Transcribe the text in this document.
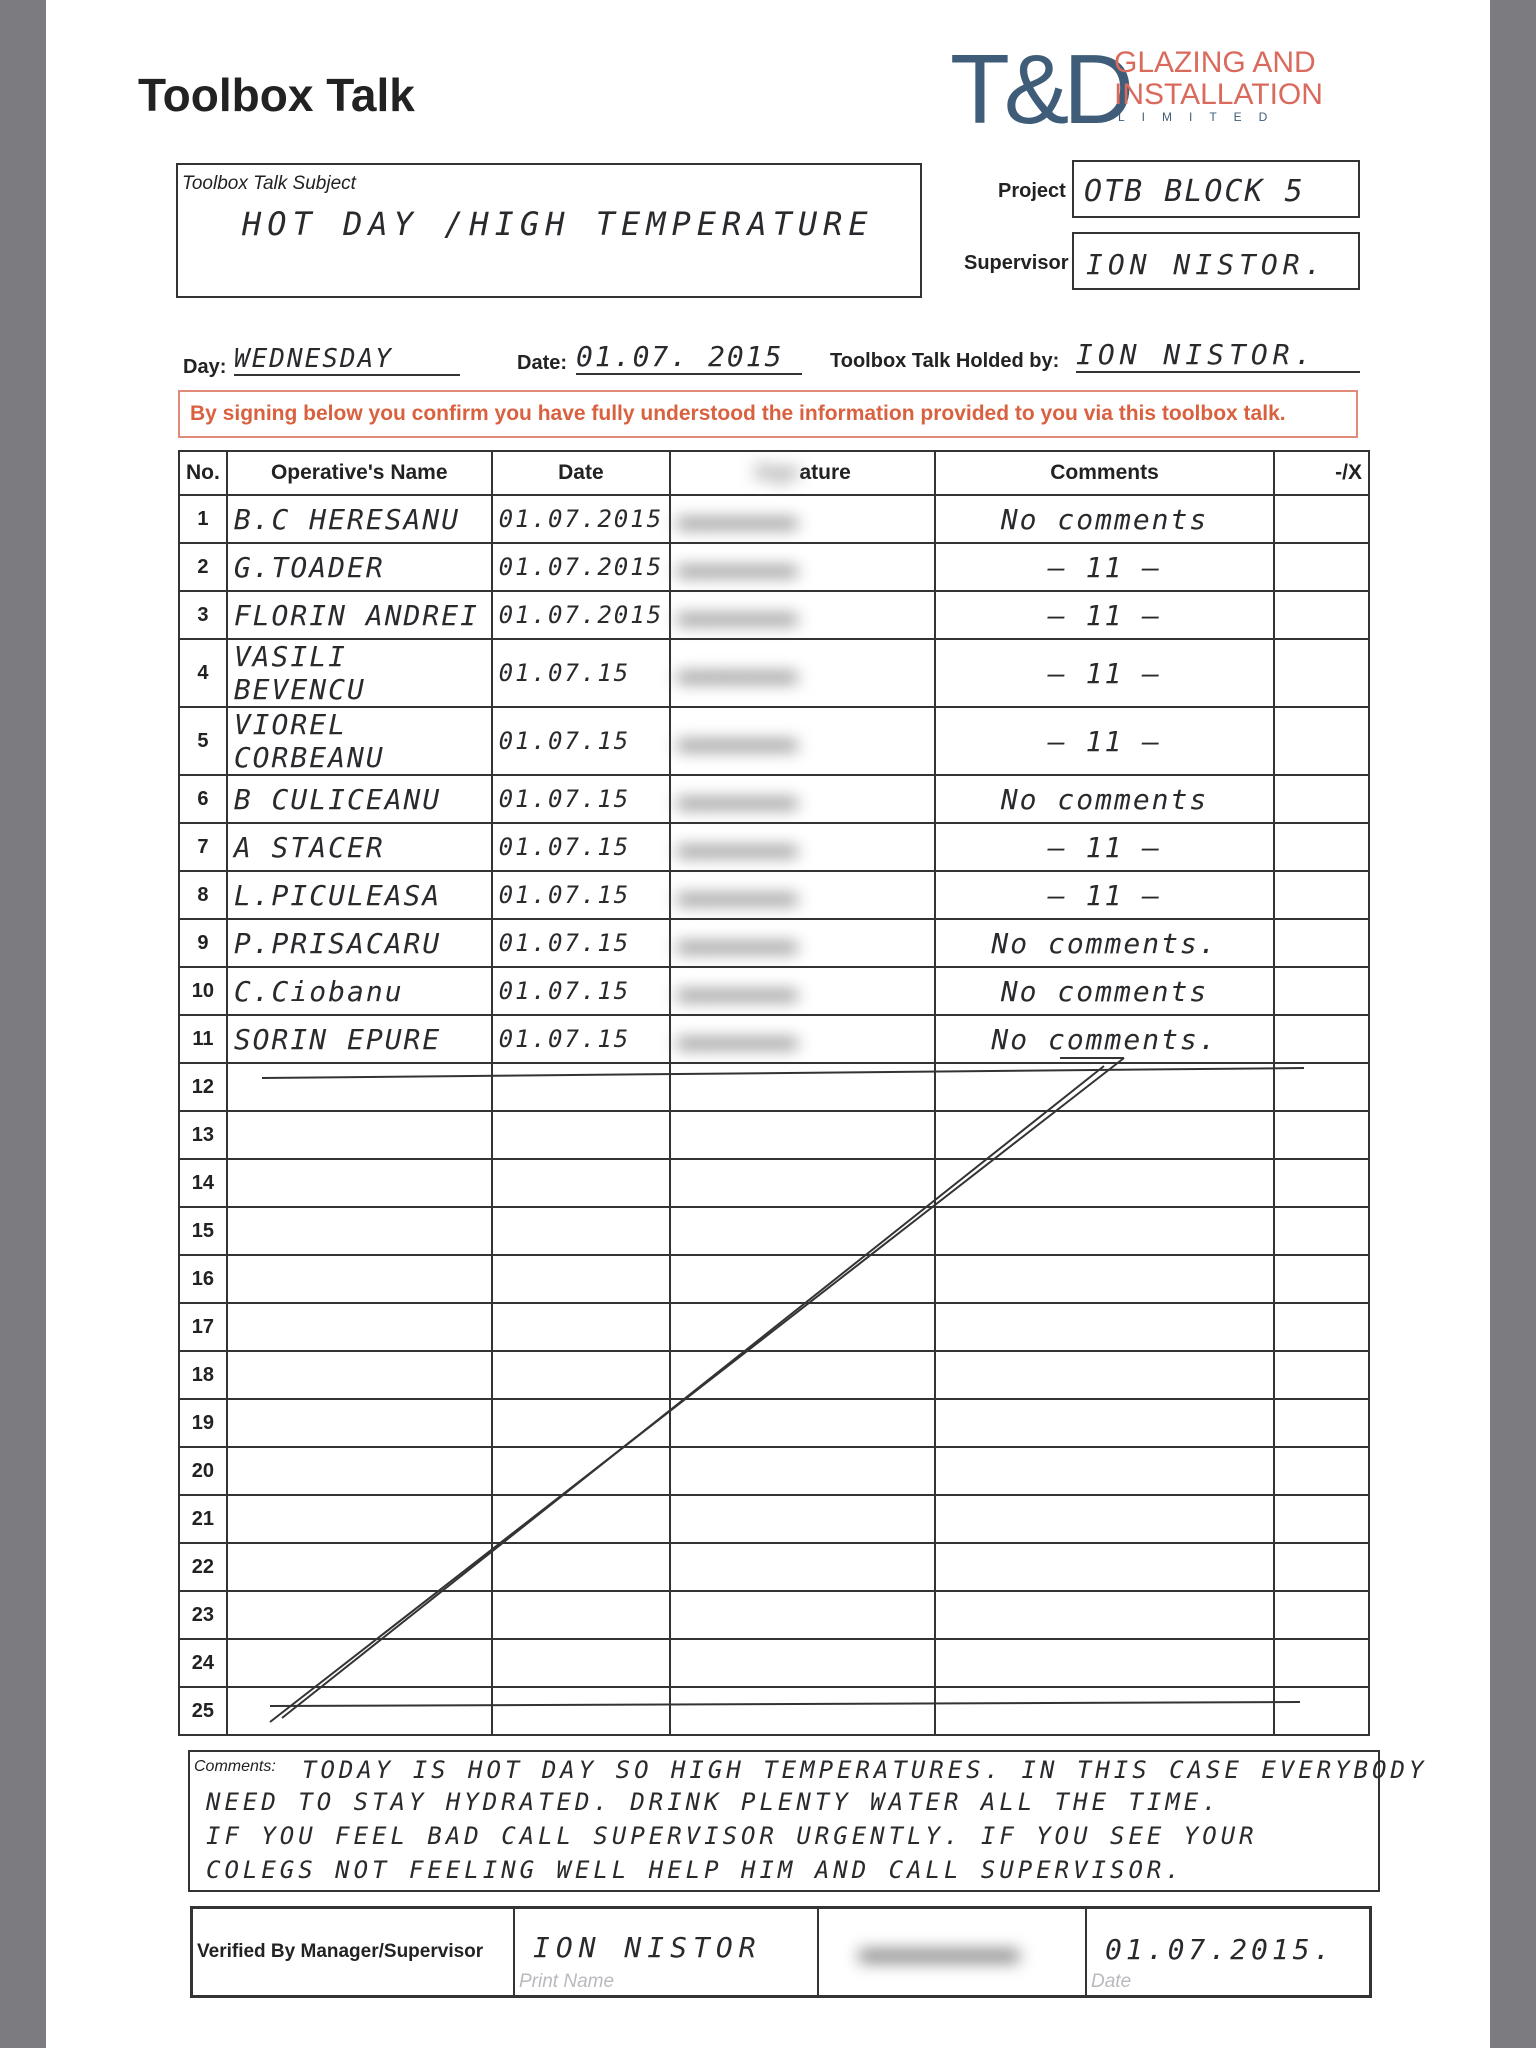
Toolbox Talk	T&D
GLAZING AND
INSTALLATION
LIMITED
Toolbox Talk Subject
HOT DAY /HIGH TEMPERATURE
Project OTB BLOCK 5
Supervisor ION NISTOR.
Day: WEDNESDAY	Date: 01.07. 2015	Toolbox Talk Holded by: ION NISTOR.
By signing below you confirm you have fully understood the information provided to you via this toolbox talk.
No.	Operative's Name	Date	Signature	Comments	-/X
1	B.C HERESANU	01.07.2015	▬▬▬▬	No comments	
2	G.TOADER	01.07.2015	▬▬▬▬	— 11 —	
3	FLORIN ANDREI	01.07.2015	▬▬▬▬	— 11 —	
4	VASILI BEVENCU	01.07.15	▬▬▬▬	— 11 —	
5	VIOREL CORBEANU	01.07.15	▬▬▬▬	— 11 —	
6	B CULICEANU	01.07.15	▬▬▬▬	No comments	
7	A STACER	01.07.15	▬▬▬▬	— 11 —	
8	L.PICULEASA	01.07.15	▬▬▬▬	— 11 —	
9	P.PRISACARU	01.07.15	▬▬▬▬	No comments.	
10	C.Ciobanu	01.07.15	▬▬▬▬	No comments	
11	SORIN EPURE	01.07.15	▬▬▬▬	No comments.	
12					
13					
14					
15					
16					
17					
18					
19					
20					
21					
22					
23					
24					
25					
Comments: TODAY IS HOT DAY SO HIGH TEMPERATURES. IN THIS CASE EVERYBODY
NEED TO STAY HYDRATED. DRINK PLENTY WATER ALL THE TIME.
IF YOU FEEL BAD CALL SUPERVISOR URGENTLY. IF YOU SEE YOUR
COLEGS NOT FEELING WELL HELP HIM AND CALL SUPERVISOR.
Verified By Manager/Supervisor ION NISTOR
Print Name
▬▬▬▬	01.07.2015.
Date
